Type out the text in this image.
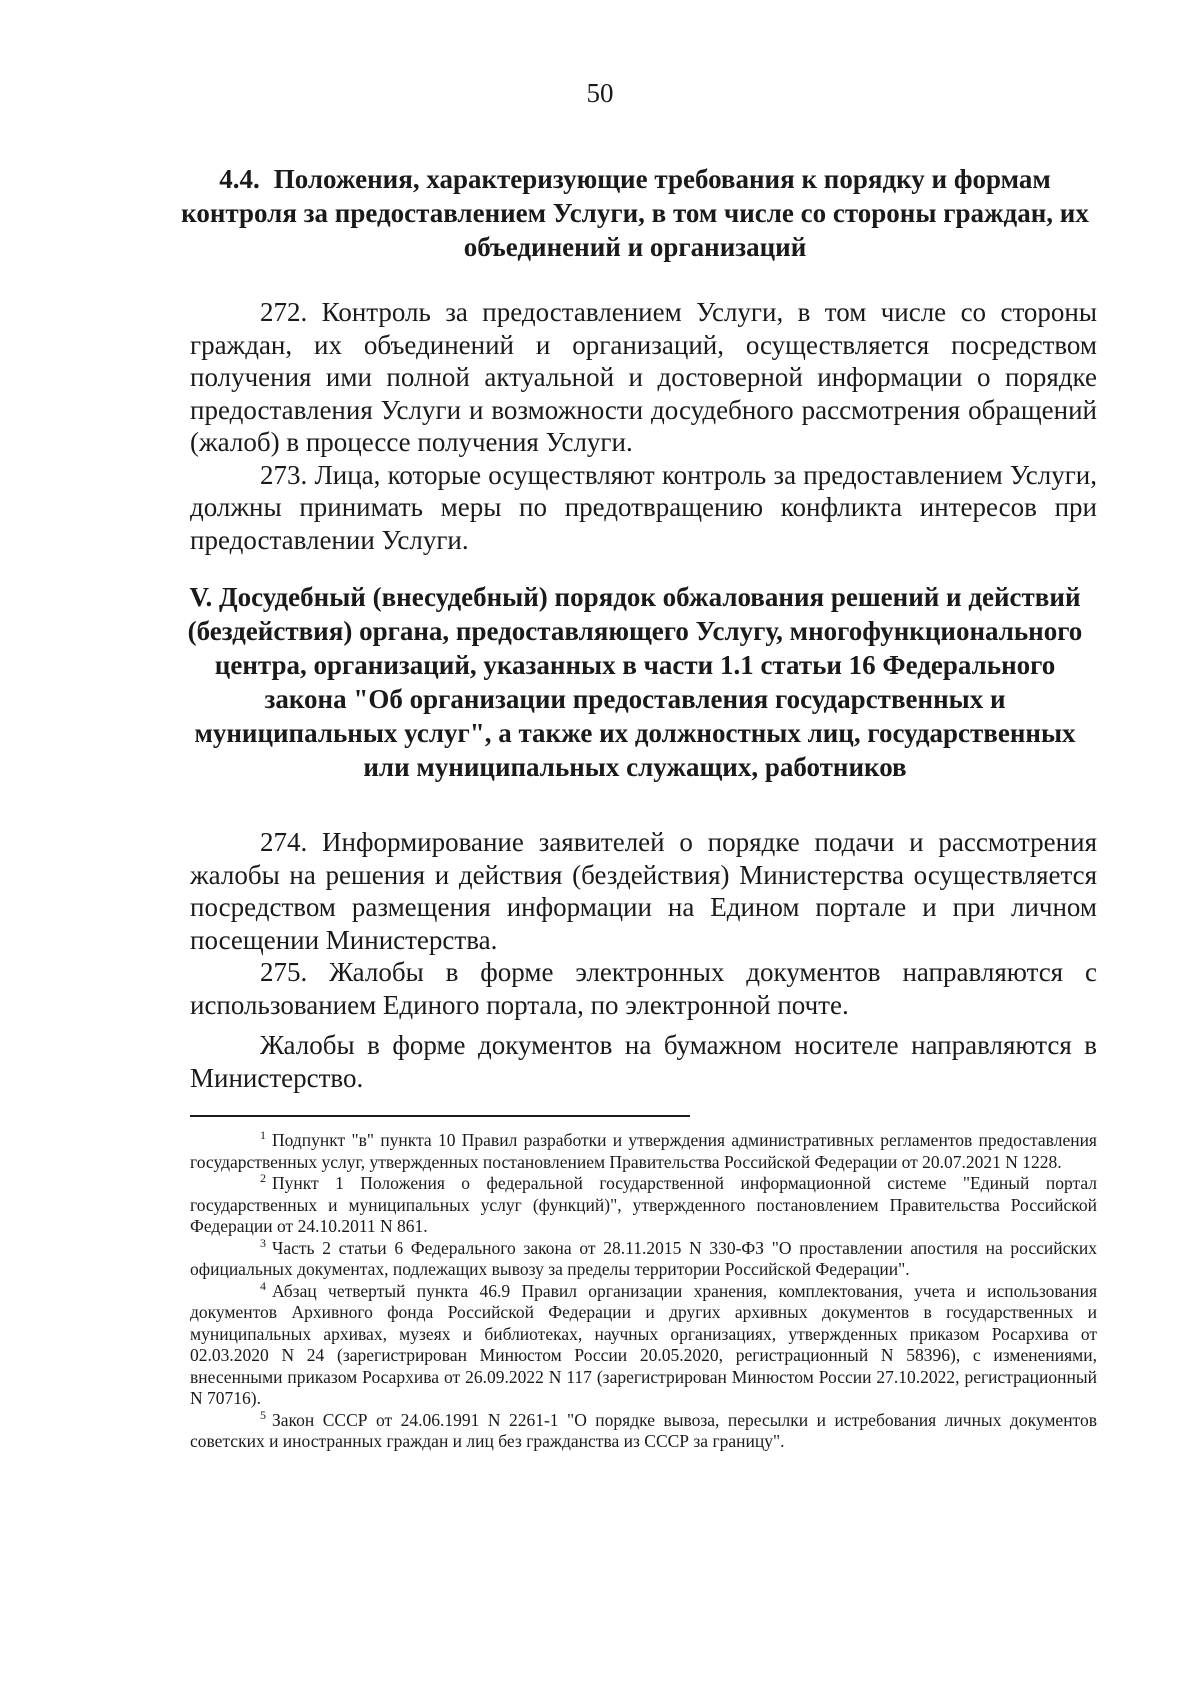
50
4.4. Положения, характеризующие требования к порядку и формам контроля за предоставлением Услуги, в том числе со стороны граждан, их объединений и организаций

272. Контроль за предоставлением Услуги, в том числе со стороны граждан, их объединений и организаций, осуществляется посредством получения ими полной актуальной и достоверной информации о порядке предоставления Услуги и возможности досудебного рассмотрения обращений (жалоб) в процессе получения Услуги.

273. Лица, которые осуществляют контроль за предоставлением Услуги, должны принимать меры по предотвращению конфликта интересов при предоставлении Услуги.

V. Досудебный (внесудебный) порядок обжалования решений и действий (бездействия) органа, предоставляющего Услугу, многофункционального центра, организаций, указанных в части 1.1 статьи 16 Федерального закона "Об организации предоставления государственных и муниципальных услуг", а также их должностных лиц, государственных или муниципальных служащих, работников

274. Информирование заявителей о порядке подачи и рассмотрения жалобы на решения и действия (бездействия) Министерства осуществляется посредством размещения информации на Едином портале и при личном посещении Министерства.

275. Жалобы в форме электронных документов направляются с использованием Единого портала, по электронной почте.

Жалобы в форме документов на бумажном носителе направляются в Министерство.

$^1$ Подпункт "в" пункта 10 Правил разработки и утверждения административных регламентов предоставления государственных услуг, утвержденных постановлением Правительства Российской Федерации от 20.07.2021 N 1228.

$^2$ Пункт 1 Положения о федеральной государственной информационной системе "Единый портал государственных и муниципальных услуг (функций)", утвержденного постановлением Правительства Российской Федерации от 24.10.2011 N 861.

$^3$ Часть 2 статьи 6 Федерального закона от 28.11.2015 N 330-ФЗ "О проставлении апостиля на российских официальных документах, подлежащих вывозу за пределы территории Российской Федерации".

$^4$ Абзац четвертый пункта 46.9 Правил организации хранения, комплектования, учета и использования документов Архивного фонда Российской Федерации и других архивных документов в государственных и муниципальных архивах, музеях и библиотеках, научных организациях, утвержденных приказом Росархива от 02.03.2020 N 24 (зарегистрирован Минюстом России 20.05.2020, регистрационный N 58396), с изменениями, внесенными приказом Росархива от 26.09.2022 N 117 (зарегистрирован Минюстом России 27.10.2022, регистрационный N 70716).

$^5$ Закон СССР от 24.06.1991 N 2261-1 "О порядке вывоза, пересылки и истребования личных документов советских и иностранных граждан и лиц без гражданства из СССР за границу".
